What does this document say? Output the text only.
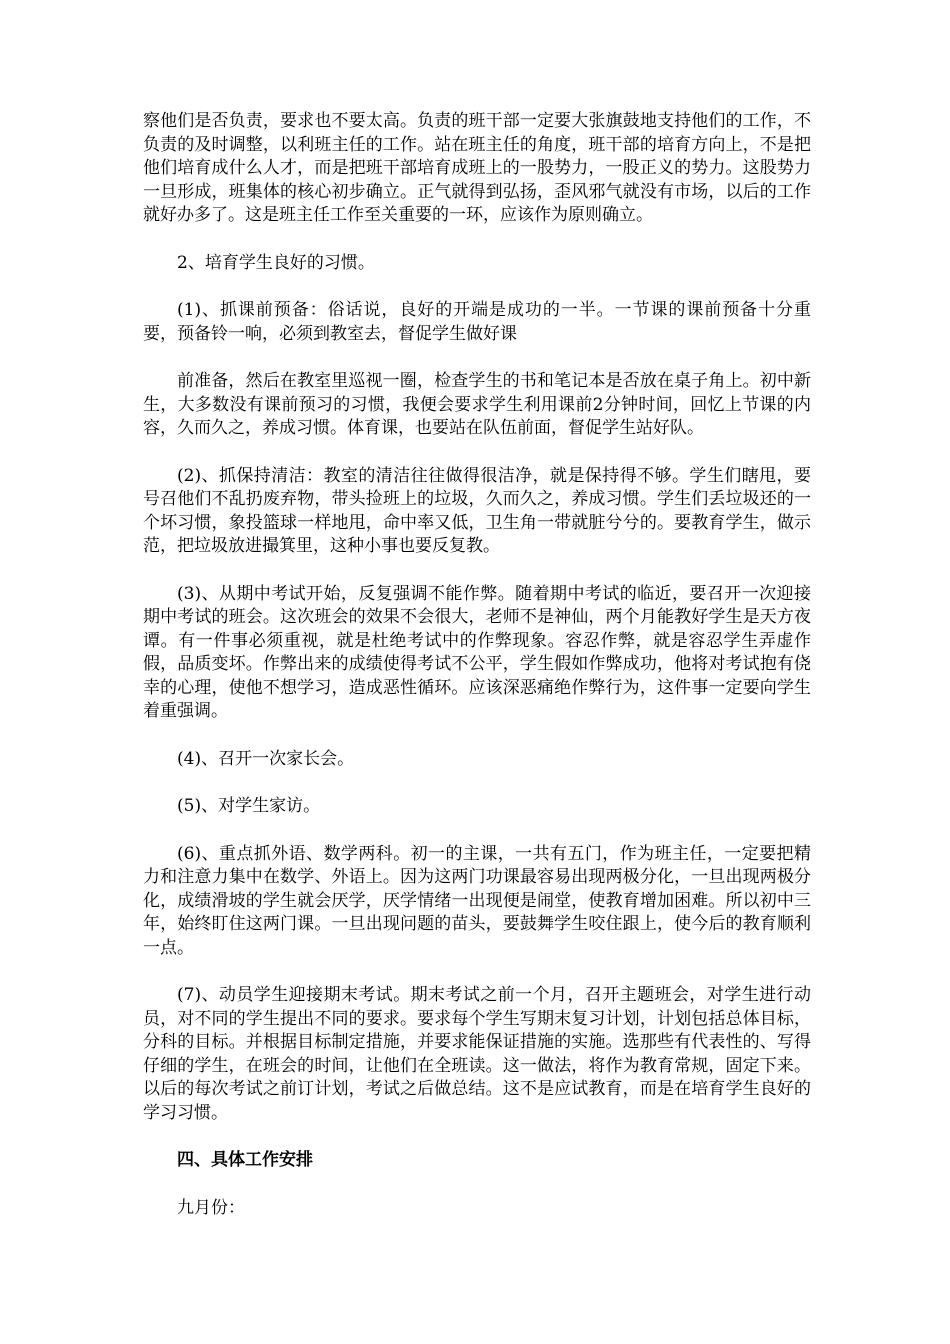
察他们是否负责，要求也不要太高。负责的班干部一定要大张旗鼓地支持他们的工作，不负责的及时调整，以利班主任的工作。站在班主任的角度，班干部的培育方向上，不是把他们培育成什么人才，而是把班干部培育成班上的一股势力，一股正义的势力。这股势力一旦形成，班集体的核心初步确立。正气就得到弘扬，歪风邪气就没有市场，以后的工作就好办多了。这是班主任工作至关重要的一环，应该作为原则确立。

2、培育学生良好的习惯。

(1)、抓课前预备：俗话说，良好的开端是成功的一半。一节课的课前预备十分重要，预备铃一响，必须到教室去，督促学生做好课

前准备，然后在教室里巡视一圈，检查学生的书和笔记本是否放在桌子角上。初中新生，大多数没有课前预习的习惯，我便会要求学生利用课前2分钟时间，回忆上节课的内容，久而久之，养成习惯。体育课，也要站在队伍前面，督促学生站好队。

(2)、抓保持清洁：教室的清洁往往做得很洁净，就是保持得不够。学生们瞎甩，要号召他们不乱扔废弃物，带头捡班上的垃圾，久而久之，养成习惯。学生们丢垃圾还的一个坏习惯，象投篮球一样地甩，命中率又低，卫生角一带就脏兮兮的。要教育学生，做示范，把垃圾放进撮箕里，这种小事也要反复教。

(3)、从期中考试开始，反复强调不能作弊。随着期中考试的临近，要召开一次迎接期中考试的班会。这次班会的效果不会很大，老师不是神仙，两个月能教好学生是天方夜谭。有一件事必须重视，就是杜绝考试中的作弊现象。容忍作弊，就是容忍学生弄虚作假，品质变坏。作弊出来的成绩使得考试不公平，学生假如作弊成功，他将对考试抱有侥幸的心理，使他不想学习，造成恶性循环。应该深恶痛绝作弊行为，这件事一定要向学生着重强调。

(4)、召开一次家长会。

(5)、对学生家访。

(6)、重点抓外语、数学两科。初一的主课，一共有五门，作为班主任，一定要把精力和注意力集中在数学、外语上。因为这两门功课最容易出现两极分化，一旦出现两极分化，成绩滑坡的学生就会厌学，厌学情绪一出现便是闹堂，使教育增加困难。所以初中三年，始终盯住这两门课。一旦出现问题的苗头，要鼓舞学生咬住跟上，使今后的教育顺利一点。

(7)、动员学生迎接期末考试。期末考试之前一个月，召开主题班会，对学生进行动员，对不同的学生提出不同的要求。要求每个学生写期末复习计划，计划包括总体目标，分科的目标。并根据目标制定措施，并要求能保证措施的实施。选那些有代表性的、写得仔细的学生，在班会的时间，让他们在全班读。这一做法，将作为教育常规，固定下来。以后的每次考试之前订计划，考试之后做总结。这不是应试教育，而是在培育学生良好的学习习惯。

四、具体工作安排

九月份：
